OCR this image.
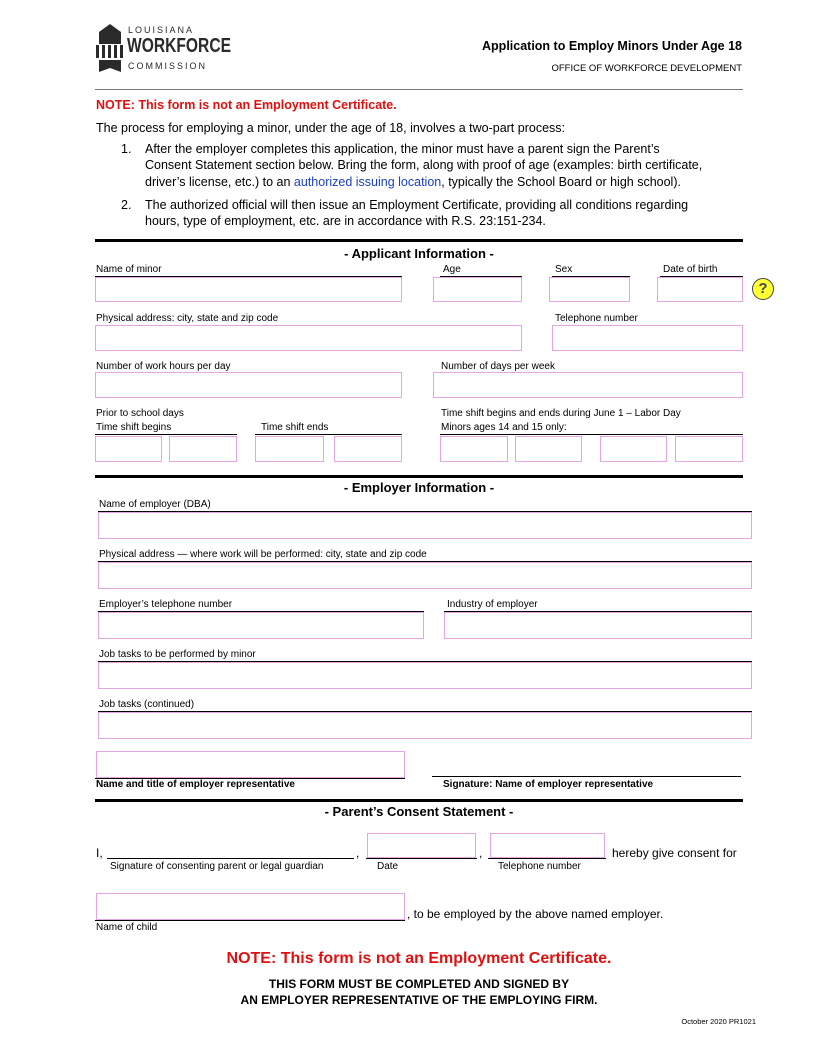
LOUISIANA
WORKFORCE
COMMISSION
Application to Employ Minors Under Age 18
OFFICE OF WORKFORCE DEVELOPMENT
NOTE: This form is not an Employment Certificate.
The process for employing a minor, under the age of 18, involves a two-part process:
1. After the employer completes this application, the minor must have a parent sign the Parent’s
Consent Statement section below. Bring the form, along with proof of age (examples: birth certificate,
driver’s license, etc.) to an authorized issuing location, typically the School Board or high school).
2. The authorized official will then issue an Employment Certificate, providing all conditions regarding
hours, type of employment, etc. are in accordance with R.S. 23:151-234.
- Applicant Information -
Name of minor	Age	Sex	Date of birth
?
Physical address: city, state and zip code	Telephone number
Number of work hours per day	Number of days per week
Prior to school days
Time shift begins	Time shift ends
Time shift begins and ends during June 1 – Labor Day
Minors ages 14 and 15 only:
- Employer Information -
Name of employer (DBA)
Physical address — where work will be performed: city, state and zip code
Employer’s telephone number	Industry of employer
Job tasks to be performed by minor
Job tasks (continued)
Name and title of employer representative	Signature: Name of employer representative
- Parent’s Consent Statement -
I,	,	,	hereby give consent for
Signature of consenting parent or legal guardian	Date	Telephone number
, to be employed by the above named employer.
Name of child
NOTE: This form is not an Employment Certificate.
THIS FORM MUST BE COMPLETED AND SIGNED BY
AN EMPLOYER REPRESENTATIVE OF THE EMPLOYING FIRM.
October 2020 PR1021
